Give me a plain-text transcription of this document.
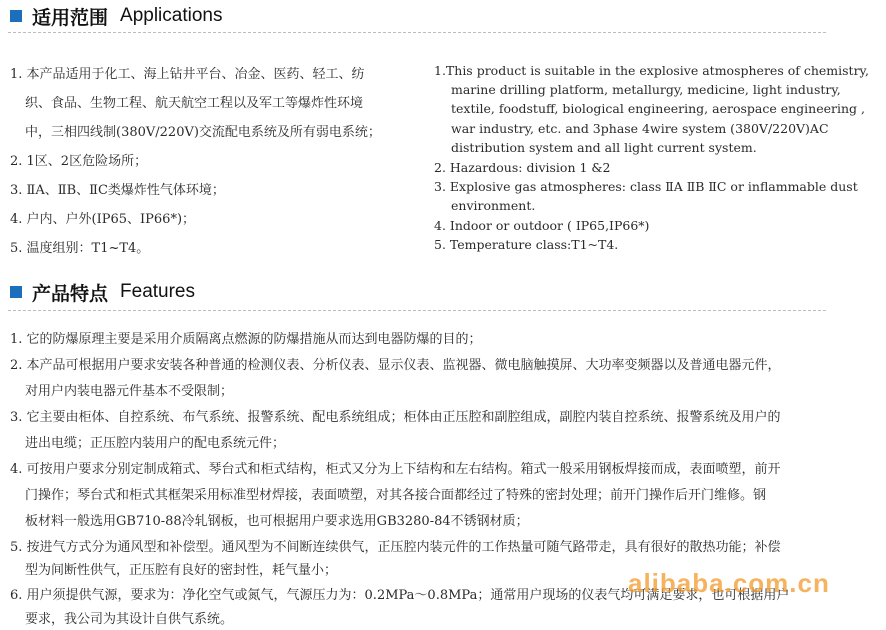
适用范围 Applications
1. 本产品适用于化工、海上钻井平台、冶金、医药、轻工、纺
织、食品、生物工程、航天航空工程以及军工等爆炸性环境
中，三相四线制(380V/220V)交流配电系统及所有弱电系统；
2. 1区、2区危险场所；
3. ⅡA、ⅡB、ⅡC类爆炸性气体环境；
4. 户内、户外(IP65、IP66*)；
5. 温度组别：T1~T4。
1.This product is suitable in the explosive atmospheres of chemistry,
marine drilling platform, metallurgy, medicine, light industry,
textile, foodstuff, biological engineering, aerospace engineering ,
war industry, etc. and 3phase 4wire system (380V/220V)AC
distribution system and all light current system.
2. Hazardous: division 1 &2
3. Explosive gas atmospheres: class ⅡA ⅡB ⅡC or inflammable dust
environment.
4. Indoor or outdoor ( IP65,IP66*)
5. Temperature class:T1~T4.
产品特点 Features
1. 它的防爆原理主要是采用介质隔离点燃源的防爆措施从而达到电器防爆的目的；
2. 本产品可根据用户要求安装各种普通的检测仪表、分析仪表、显示仪表、监视器、微电脑触摸屏、大功率变频器以及普通电器元件，
对用户内装电器元件基本不受限制；
3. 它主要由柜体、自控系统、布气系统、报警系统、配电系统组成；柜体由正压腔和副腔组成，副腔内装自控系统、报警系统及用户的
进出电缆；正压腔内装用户的配电系统元件；
4. 可按用户要求分别定制成箱式、琴台式和柜式结构，柜式又分为上下结构和左右结构。箱式一般采用钢板焊接而成，表面喷塑，前开
门操作；琴台式和柜式其框架采用标准型材焊接，表面喷塑，对其各接合面都经过了特殊的密封处理；前开门操作后开门维修。钢
板材料一般选用GB710-88冷轧钢板，也可根据用户要求选用GB3280-84不锈钢材质；
5. 按进气方式分为通风型和补偿型。通风型为不间断连续供气，正压腔内装元件的工作热量可随气路带走，具有很好的散热功能；补偿
型为间断性供气，正压腔有良好的密封性，耗气量小；
6. 用户须提供气源，要求为：净化空气或氮气，气源压力为：0.2MPa～0.8MPa；通常用户现场的仪表气均可满足要求，也可根据用户
要求，我公司为其设计自供气系统。
alibaba.com.cn
